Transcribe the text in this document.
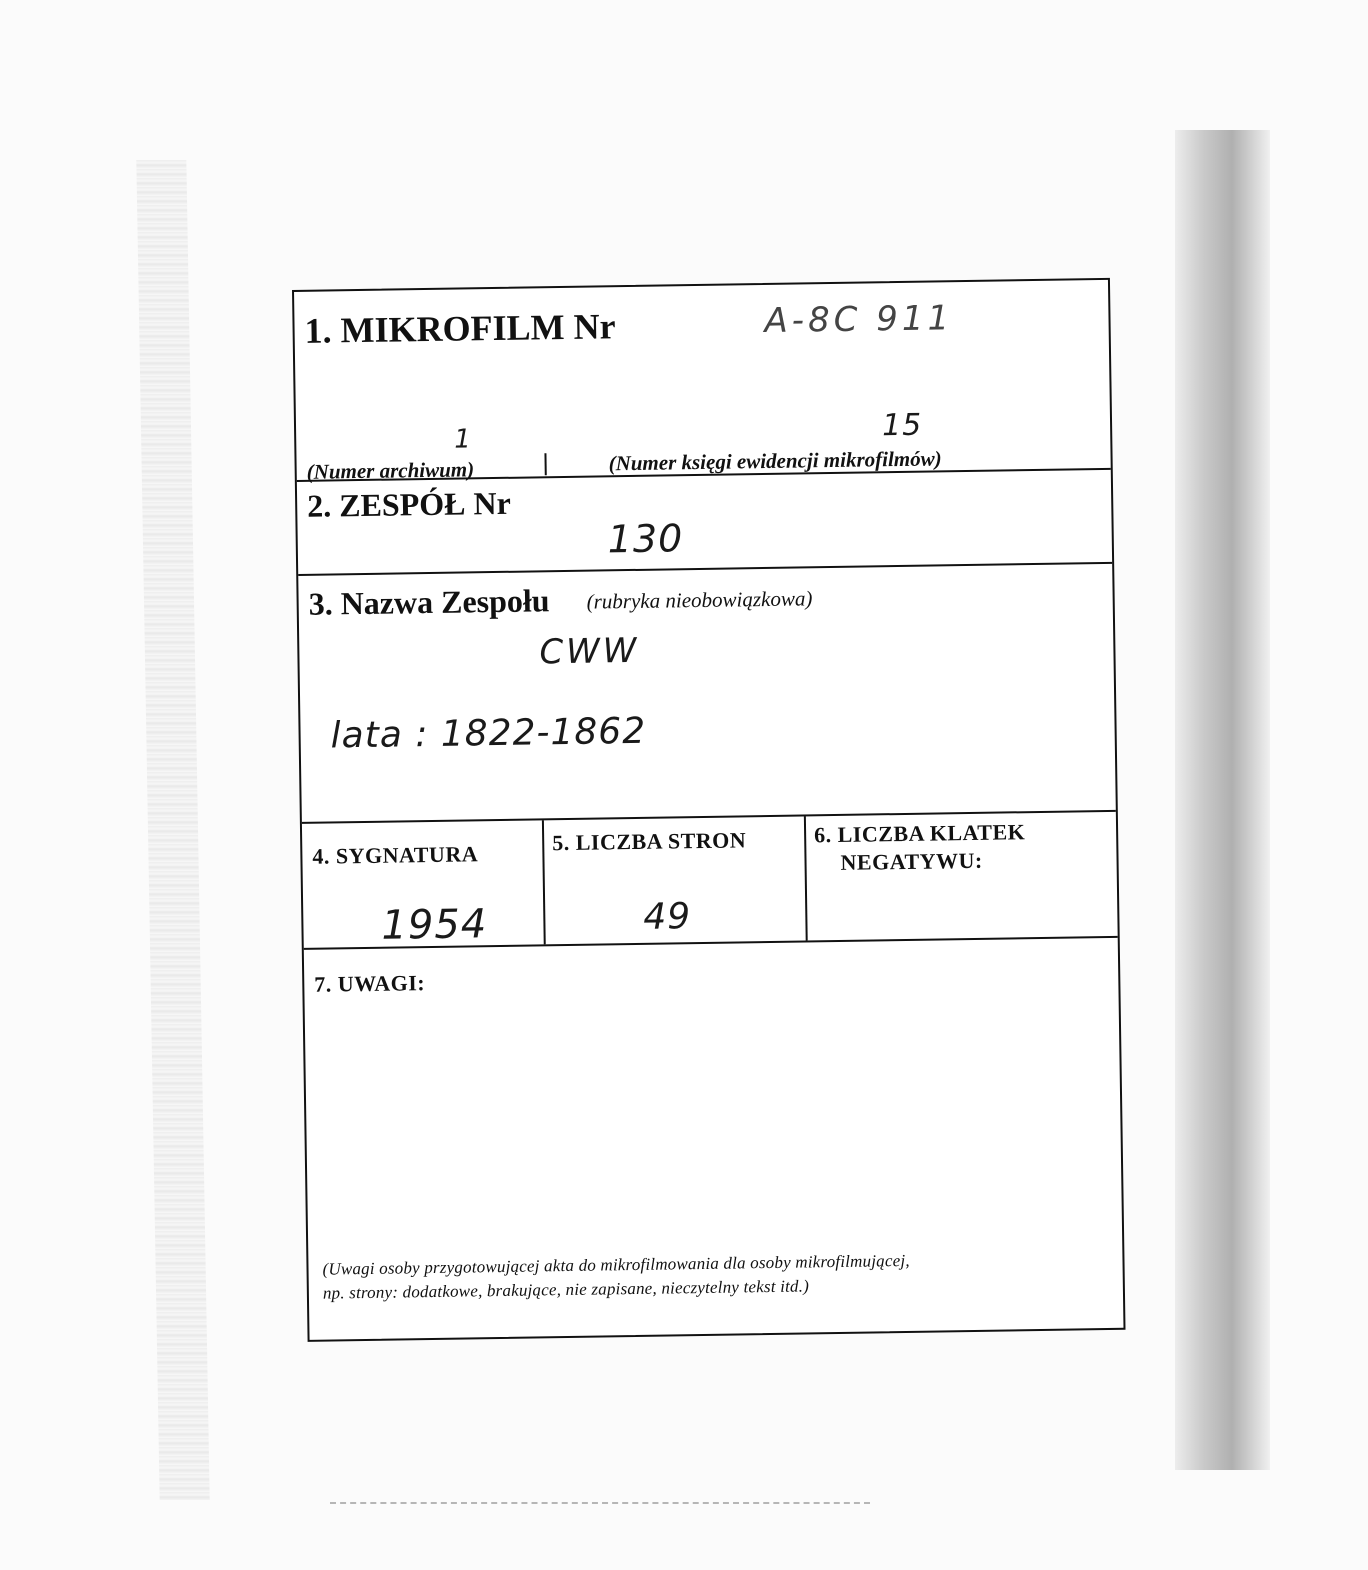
1. MIKROFILM Nr	A-8C 911
1
(Numer archiwum)
15
(Numer księgi ewidencji mikrofilmów)
2. ZESPÓŁ Nr
130
3. Nazwa Zespołu (rubryka nieobowiązkowa)
CWW
lata : 1822-1862
4. SYGNATURA
1954
5. LICZBA STRON
49
6. LICZBA KLATEK
NEGATYWU:
7. UWAGI:
(Uwagi osoby przygotowującej akta do mikrofilmowania dla osoby mikrofilmującej,
np. strony: dodatkowe, brakujące, nie zapisane, nieczytelny tekst itd.)
